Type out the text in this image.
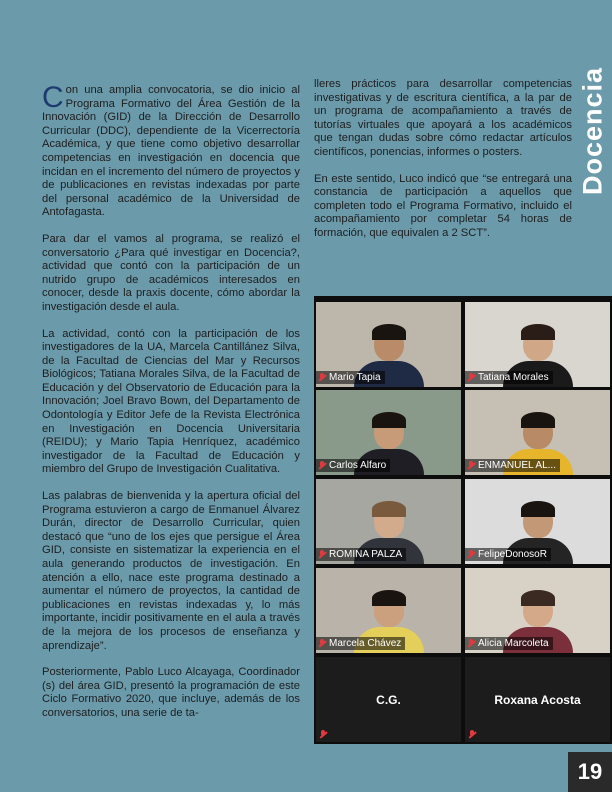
Docencia

Con una amplia convocatoria, se dio inicio al Programa Formativo del Área Gestión de la Innovación (GID) de la Dirección de Desarrollo Curricular (DDC), dependiente de la Vicerrectoría Académica, y que tiene como objetivo desarrollar competencias en investigación en docencia que incidan en el incremento del número de proyectos y de publicaciones en revistas indexadas por parte del personal académico de la Universidad de Antofagasta.

Para dar el vamos al programa, se realizó el conversatorio ¿Para qué investigar en Docencia?, actividad que contó con la participación de un nutrido grupo de académicos interesados en conocer, desde la praxis docente, cómo abordar la investigación desde el aula.

La actividad, contó con la participación de los investigadores de la UA, Marcela Cantillánez Silva, de la Facultad de Ciencias del Mar y Recursos Biológicos; Tatiana Morales Silva, de la Facultad de Educación y del Observatorio de Educación para la Innovación; Joel Bravo Bown, del Departamento de Odontología y Editor Jefe de la Revista Electrónica en Investigación en Docencia Universitaria (REIDU); y Mario Tapia Henríquez, académico investigador de la Facultad de Educación y miembro del Grupo de Investigación Cualitativa.

Las palabras de bienvenida y la apertura oficial del Programa estuvieron a cargo de Enmanuel Álvarez Durán, director de Desarrollo Curricular, quien destacó que “uno de los ejes que persigue el Área GID, consiste en sistematizar la experiencia en el aula generando productos de investigación. En atención a ello, nace este programa destinado a aumentar el número de proyectos, la cantidad de publicaciones en revistas indexadas y, lo más importante, incidir positivamente en el aula a través de la mejora de los procesos de enseñanza y aprendizaje”.

Posteriormente, Pablo Luco Alcayaga, Coordinador (s) del área GID, presentó la programación de este Ciclo Formativo 2020, que incluye, además de los conversatorios, una serie de ta-

lleres prácticos para desarrollar competencias investigativas y de escritura científica, a la par de un programa de acompañamiento a través de tutorías virtuales que apoyará a los académicos que tengan dudas sobre cómo redactar artículos científicos, ponencias, informes o posters.

En este sentido, Luco indicó que “se entregará una constancia de participación a aquellos que completen todo el Programa Formativo, incluido el acompañamiento por completar 54 horas de formación, que equivalen a 2 SCT”.

Mario Tapia	Tatiana Morales
Carlos Alfaro	ENMANUEL AL...
ROMINA PALZA	FelipeDonosoR
Marcela Chávez	Alicia Marcoleta
C.G.	Roxana Acosta
19
